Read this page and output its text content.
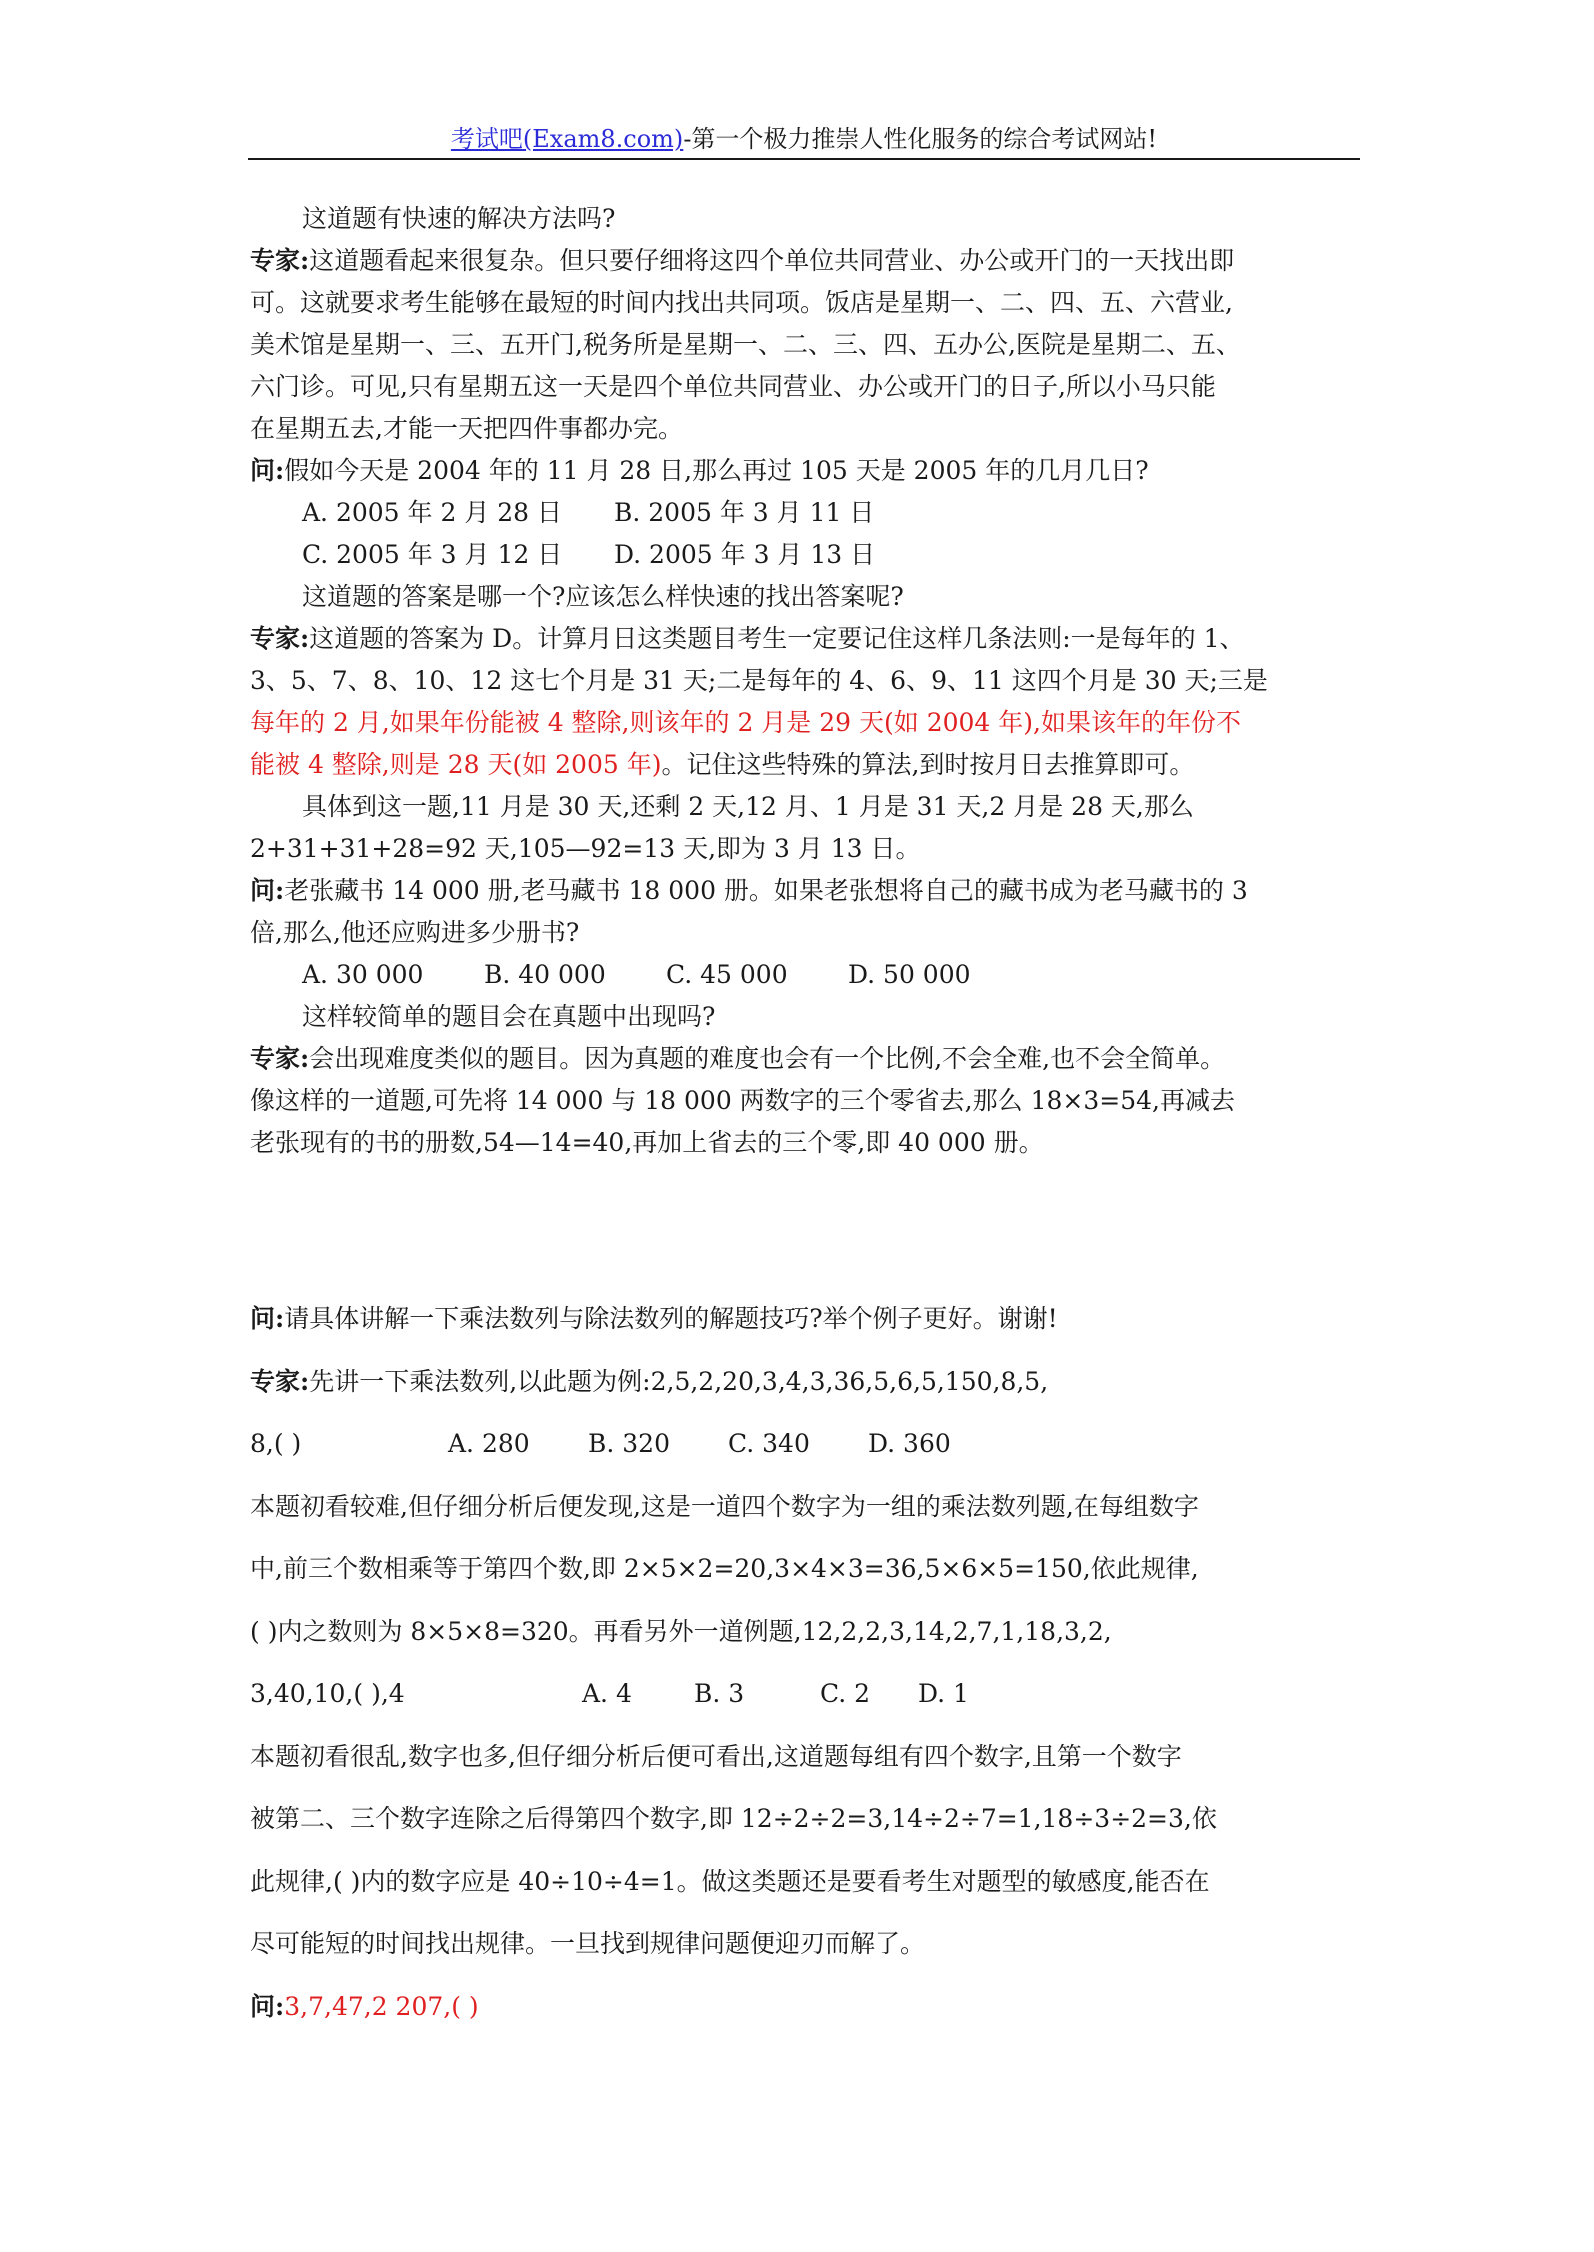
考试吧(Exam8.com)-第一个极力推崇人性化服务的综合考试网站!

这道题有快速的解决方法吗?

专家:这道题看起来很复杂。但只要仔细将这四个单位共同营业、办公或开门的一天找出即

可。这就要求考生能够在最短的时间内找出共同项。饭店是星期一、二、四、五、六营业,

美术馆是星期一、三、五开门,税务所是星期一、二、三、四、五办公,医院是星期二、五、

六门诊。可见,只有星期五这一天是四个单位共同营业、办公或开门的日子,所以小马只能

在星期五去,才能一天把四件事都办完。

问:假如今天是 2004 年的 11 月 28 日,那么再过 105 天是 2005 年的几月几日?

A. 2005 年 2 月 28 日 B. 2005 年 3 月 11 日

C. 2005 年 3 月 12 日 D. 2005 年 3 月 13 日

这道题的答案是哪一个?应该怎么样快速的找出答案呢?

专家:这道题的答案为 D。计算月日这类题目考生一定要记住这样几条法则:一是每年的 1、

3、5、7、8、10、12 这七个月是 31 天;二是每年的 4、6、9、11 这四个月是 30 天;三是

每年的 2 月,如果年份能被 4 整除,则该年的 2 月是 29 天(如 2004 年),如果该年的年份不

能被 4 整除,则是 28 天(如 2005 年)。记住这些特殊的算法,到时按月日去推算即可。

具体到这一题,11 月是 30 天,还剩 2 天,12 月、1 月是 31 天,2 月是 28 天,那么

2+31+31+28=92 天,105—92=13 天,即为 3 月 13 日。

问:老张藏书 14 000 册,老马藏书 18 000 册。如果老张想将自己的藏书成为老马藏书的 3

倍,那么,他还应购进多少册书?

A. 30 000 B. 40 000 C. 45 000 D. 50 000

这样较简单的题目会在真题中出现吗?

专家:会出现难度类似的题目。因为真题的难度也会有一个比例,不会全难,也不会全简单。

像这样的一道题,可先将 14 000 与 18 000 两数字的三个零省去,那么 18×3=54,再减去

老张现有的书的册数,54—14=40,再加上省去的三个零,即 40 000 册。

问:请具体讲解一下乘法数列与除法数列的解题技巧?举个例子更好。谢谢!

专家:先讲一下乘法数列,以此题为例:2,5,2,20,3,4,3,36,5,6,5,150,8,5,

8,( )	A. 280 B. 320 C. 340 D. 360

本题初看较难,但仔细分析后便发现,这是一道四个数字为一组的乘法数列题,在每组数字

中,前三个数相乘等于第四个数,即 2×5×2=20,3×4×3=36,5×6×5=150,依此规律,

( )内之数则为 8×5×8=320。再看另外一道例题,12,2,2,3,14,2,7,1,18,3,2,

3,40,10,( ),4	A. 4 B. 3	C. 2 D. 1

本题初看很乱,数字也多,但仔细分析后便可看出,这道题每组有四个数字,且第一个数字

被第二、三个数字连除之后得第四个数字,即 12÷2÷2=3,14÷2÷7=1,18÷3÷2=3,依

此规律,( )内的数字应是 40÷10÷4=1。做这类题还是要看考生对题型的敏感度,能否在

尽可能短的时间找出规律。一旦找到规律问题便迎刃而解了。

问:3,7,47,2 207,( )
